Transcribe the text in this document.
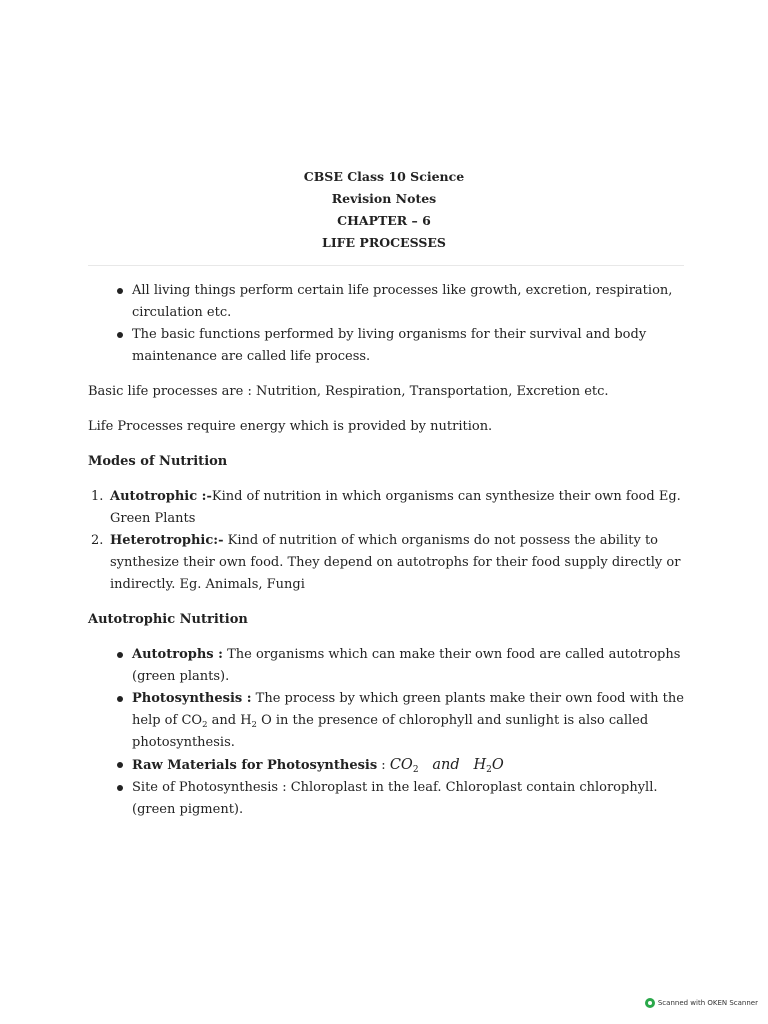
CBSE Class 10 Science
Revision Notes
CHAPTER – 6
LIFE PROCESSES
All living things perform certain life processes like growth, excretion, respiration, circulation etc.
The basic functions performed by living organisms for their survival and body maintenance are called life process.

Basic life processes are : Nutrition, Respiration, Transportation, Excretion etc.

Life Processes require energy which is provided by nutrition.

Modes of Nutrition

1. Autotrophic :-Kind of nutrition in which organisms can synthesize their own food Eg. Green Plants
2. Heterotrophic:- Kind of nutrition of which organisms do not possess the ability to synthesize their own food. They depend on autotrophs for their food supply directly or indirectly. Eg. Animals, Fungi

Autotrophic Nutrition

Autotrophs : The organisms which can make their own food are called autotrophs (green plants).
Photosynthesis : The process by which green plants make their own food with the help of $CO_2$ and $H_2$ O in the presence of chlorophyll and sunlight is also called photosynthesis.
Raw Materials for Photosynthesis : $CO_2$ and $H_2O$
Site of Photosynthesis : Chloroplast in the leaf. Chloroplast contain chlorophyll. (green pigment).
Scanned with OKEN Scanner
